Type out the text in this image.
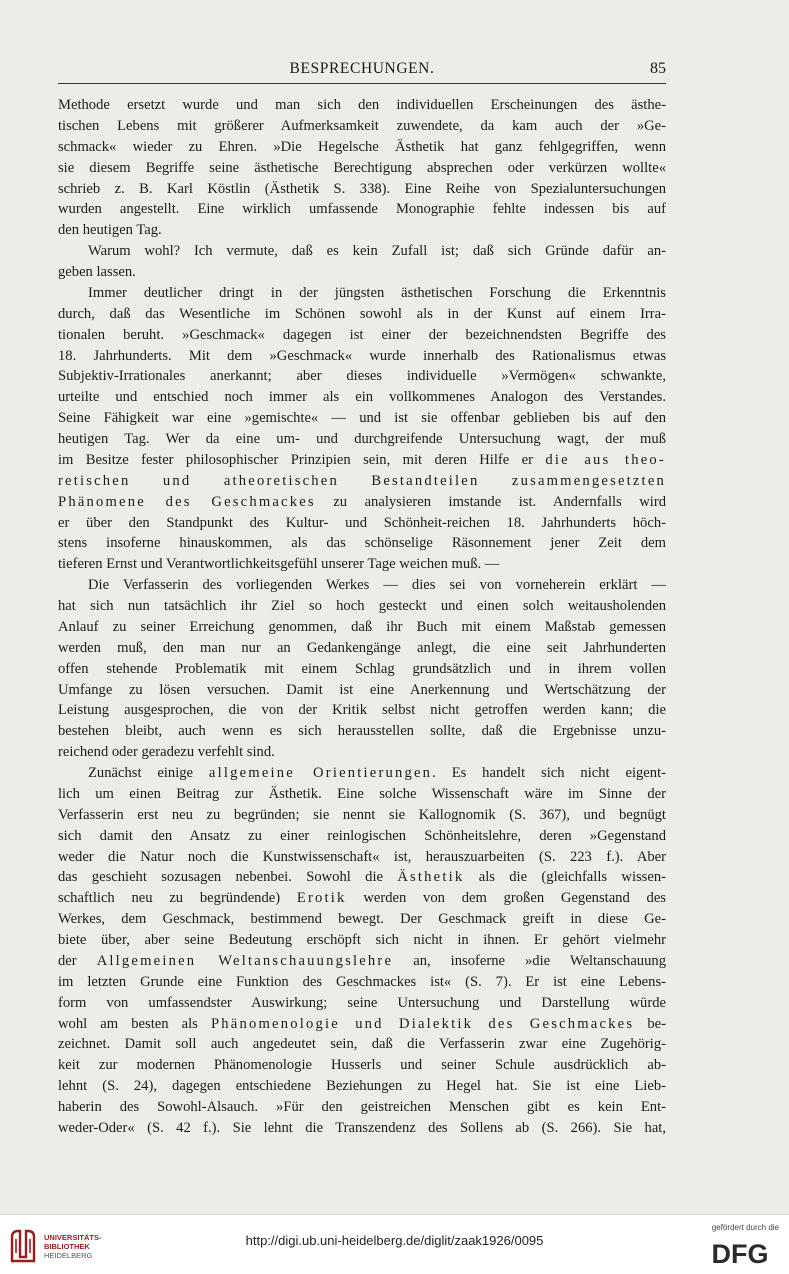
BESPRECHUNGEN.	85
Methode ersetzt wurde und man sich den individuellen Erscheinungen des ästhe-
tischen Lebens mit größerer Aufmerksamkeit zuwendete, da kam auch der »Ge-
schmack« wieder zu Ehren. »Die Hegelsche Ästhetik hat ganz fehlgegriffen, wenn
sie diesem Begriffe seine ästhetische Berechtigung absprechen oder verkürzen wollte«
schrieb z. B. Karl Köstlin (Ästhetik S. 338). Eine Reihe von Spezialuntersuchungen
wurden angestellt. Eine wirklich umfassende Monographie fehlte indessen bis auf
den heutigen Tag.
Warum wohl? Ich vermute, daß es kein Zufall ist; daß sich Gründe dafür an-
geben lassen.
Immer deutlicher dringt in der jüngsten ästhetischen Forschung die Erkenntnis
durch, daß das Wesentliche im Schönen sowohl als in der Kunst auf einem Irra-
tionalen beruht. »Geschmack« dagegen ist einer der bezeichnendsten Begriffe des
18. Jahrhunderts. Mit dem »Geschmack« wurde innerhalb des Rationalismus etwas
Subjektiv-Irrationales anerkannt; aber dieses individuelle »Vermögen« schwankte,
urteilte und entschied noch immer als ein vollkommenes Analogon des Verstandes.
Seine Fähigkeit war eine »gemischte« — und ist sie offenbar geblieben bis auf den
heutigen Tag. Wer da eine um- und durchgreifende Untersuchung wagt, der muß
im Besitze fester philosophischer Prinzipien sein, mit deren Hilfe er die aus theo-
retischen und atheoretischen Bestandteilen zusammengesetzten
Phänomene des Geschmackes zu analysieren imstande ist. Andernfalls wird
er über den Standpunkt des Kultur- und Schönheit-reichen 18. Jahrhunderts höch-
stens insoferne hinauskommen, als das schönselige Räsonnement jener Zeit dem
tieferen Ernst und Verantwortlichkeitsgefühl unserer Tage weichen muß. —
Die Verfasserin des vorliegenden Werkes — dies sei von vorneherein erklärt —
hat sich nun tatsächlich ihr Ziel so hoch gesteckt und einen solch weitausholenden
Anlauf zu seiner Erreichung genommen, daß ihr Buch mit einem Maßstab gemessen
werden muß, den man nur an Gedankengänge anlegt, die eine seit Jahrhunderten
offen stehende Problematik mit einem Schlag grundsätzlich und in ihrem vollen
Umfange zu lösen versuchen. Damit ist eine Anerkennung und Wertschätzung der
Leistung ausgesprochen, die von der Kritik selbst nicht getroffen werden kann; die
bestehen bleibt, auch wenn es sich herausstellen sollte, daß die Ergebnisse unzu-
reichend oder geradezu verfehlt sind.
Zunächst einige allgemeine Orientierungen. Es handelt sich nicht eigent-
lich um einen Beitrag zur Ästhetik. Eine solche Wissenschaft wäre im Sinne der
Verfasserin erst neu zu begründen; sie nennt sie Kallognomik (S. 367), und begnügt
sich damit den Ansatz zu einer reinlogischen Schönheitslehre, deren »Gegenstand
weder die Natur noch die Kunstwissenschaft« ist, herauszuarbeiten (S. 223 f.). Aber
das geschieht sozusagen nebenbei. Sowohl die Ästhetik als die (gleichfalls wissen-
schaftlich neu zu begründende) Erotik werden von dem großen Gegenstand des
Werkes, dem Geschmack, bestimmend bewegt. Der Geschmack greift in diese Ge-
biete über, aber seine Bedeutung erschöpft sich nicht in ihnen. Er gehört vielmehr
der Allgemeinen Weltanschauungslehre an, insoferne »die Weltanschauung
im letzten Grunde eine Funktion des Geschmackes ist« (S. 7). Er ist eine Lebens-
form von umfassendster Auswirkung; seine Untersuchung und Darstellung würde
wohl am besten als Phänomenologie und Dialektik des Geschmackes be-
zeichnet. Damit soll auch angedeutet sein, daß die Verfasserin zwar eine Zugehörig-
keit zur modernen Phänomenologie Husserls und seiner Schule ausdrücklich ab-
lehnt (S. 24), dagegen entschiedene Beziehungen zu Hegel hat. Sie ist eine Lieb-
haberin des Sowohl-Alsauch. »Für den geistreichen Menschen gibt es kein Ent-
weder-Oder« (S. 42 f.). Sie lehnt die Transzendenz des Sollens ab (S. 266). Sie hat,
UNIVERSITÄTS-
BIBLIOTHEK
HEIDELBERG
http://digi.ub.uni-heidelberg.de/diglit/zaak1926/0095
gefördert durch die
DFG
